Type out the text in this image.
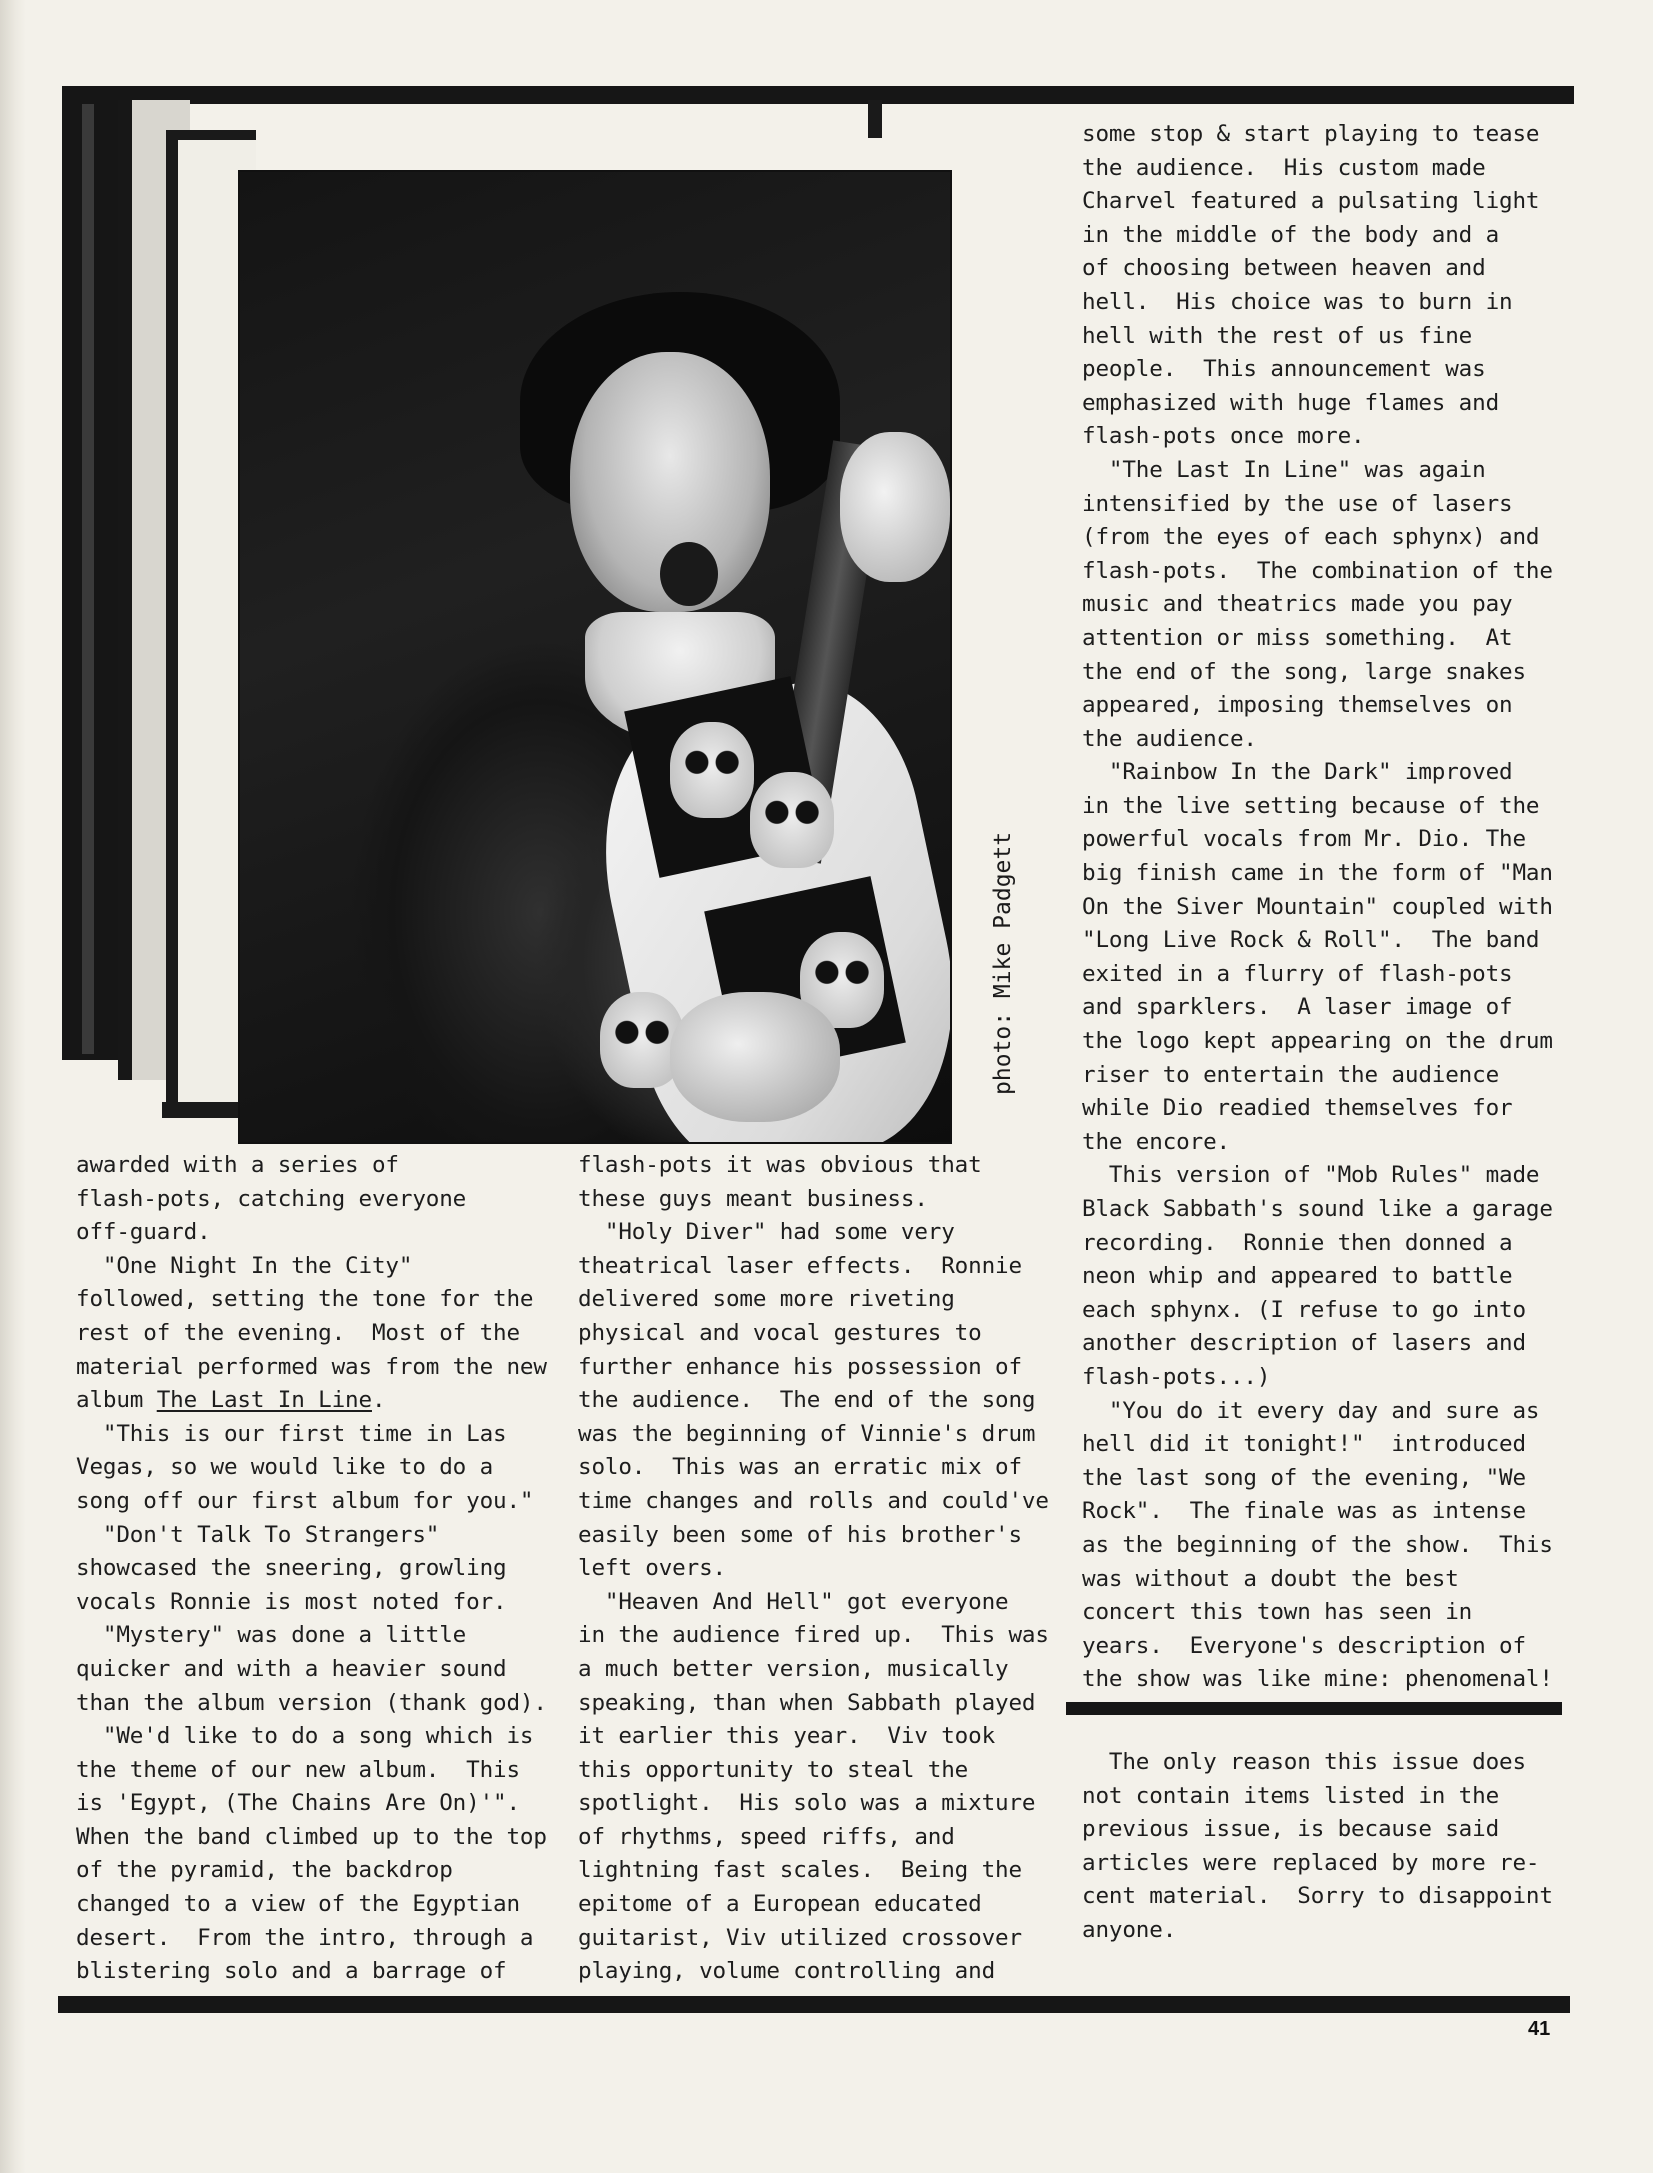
photo: Mike Padgett
awarded with a series of
flash-pots, catching everyone
off-guard.
"One Night In the City"
followed, setting the tone for the
rest of the evening.  Most of the
material performed was from the new
album The Last In Line.
"This is our first time in Las
Vegas, so we would like to do a
song off our first album for you."
"Don't Talk To Strangers"
showcased the sneering, growling
vocals Ronnie is most noted for.
"Mystery" was done a little
quicker and with a heavier sound
than the album version (thank god).
"We'd like to do a song which is
the theme of our new album.  This
is 'Egypt, (The Chains Are On)'".
When the band climbed up to the top
of the pyramid, the backdrop
changed to a view of the Egyptian
desert.  From the intro, through a
blistering solo and a barrage of
flash-pots it was obvious that
these guys meant business.
"Holy Diver" had some very
theatrical laser effects.  Ronnie
delivered some more riveting
physical and vocal gestures to
further enhance his possession of
the audience.  The end of the song
was the beginning of Vinnie's drum
solo.  This was an erratic mix of
time changes and rolls and could've
easily been some of his brother's
left overs.
"Heaven And Hell" got everyone
in the audience fired up.  This was
a much better version, musically
speaking, than when Sabbath played
it earlier this year.  Viv took
this opportunity to steal the
spotlight.  His solo was a mixture
of rhythms, speed riffs, and
lightning fast scales.  Being the
epitome of a European educated
guitarist, Viv utilized crossover
playing, volume controlling and
some stop & start playing to tease
the audience.  His custom made
Charvel featured a pulsating light
in the middle of the body and a
of choosing between heaven and
hell.  His choice was to burn in
hell with the rest of us fine
people.  This announcement was
emphasized with huge flames and
flash-pots once more.
"The Last In Line" was again
intensified by the use of lasers
(from the eyes of each sphynx) and
flash-pots.  The combination of the
music and theatrics made you pay
attention or miss something.  At
the end of the song, large snakes
appeared, imposing themselves on
the audience.
"Rainbow In the Dark" improved
in the live setting because of the
powerful vocals from Mr. Dio. The
big finish came in the form of "Man
On the Siver Mountain" coupled with
"Long Live Rock & Roll".  The band
exited in a flurry of flash-pots
and sparklers.  A laser image of
the logo kept appearing on the drum
riser to entertain the audience
while Dio readied themselves for
the encore.
This version of "Mob Rules" made
Black Sabbath's sound like a garage
recording.  Ronnie then donned a
neon whip and appeared to battle
each sphynx. (I refuse to go into
another description of lasers and
flash-pots...)
"You do it every day and sure as
hell did it tonight!"  introduced
the last song of the evening, "We
Rock".  The finale was as intense
as the beginning of the show.  This
was without a doubt the best
concert this town has seen in
years.  Everyone's description of
the show was like mine: phenomenal!
The only reason this issue does
not contain items listed in the
previous issue, is because said
articles were replaced by more re-
cent material.  Sorry to disappoint
anyone.
41
